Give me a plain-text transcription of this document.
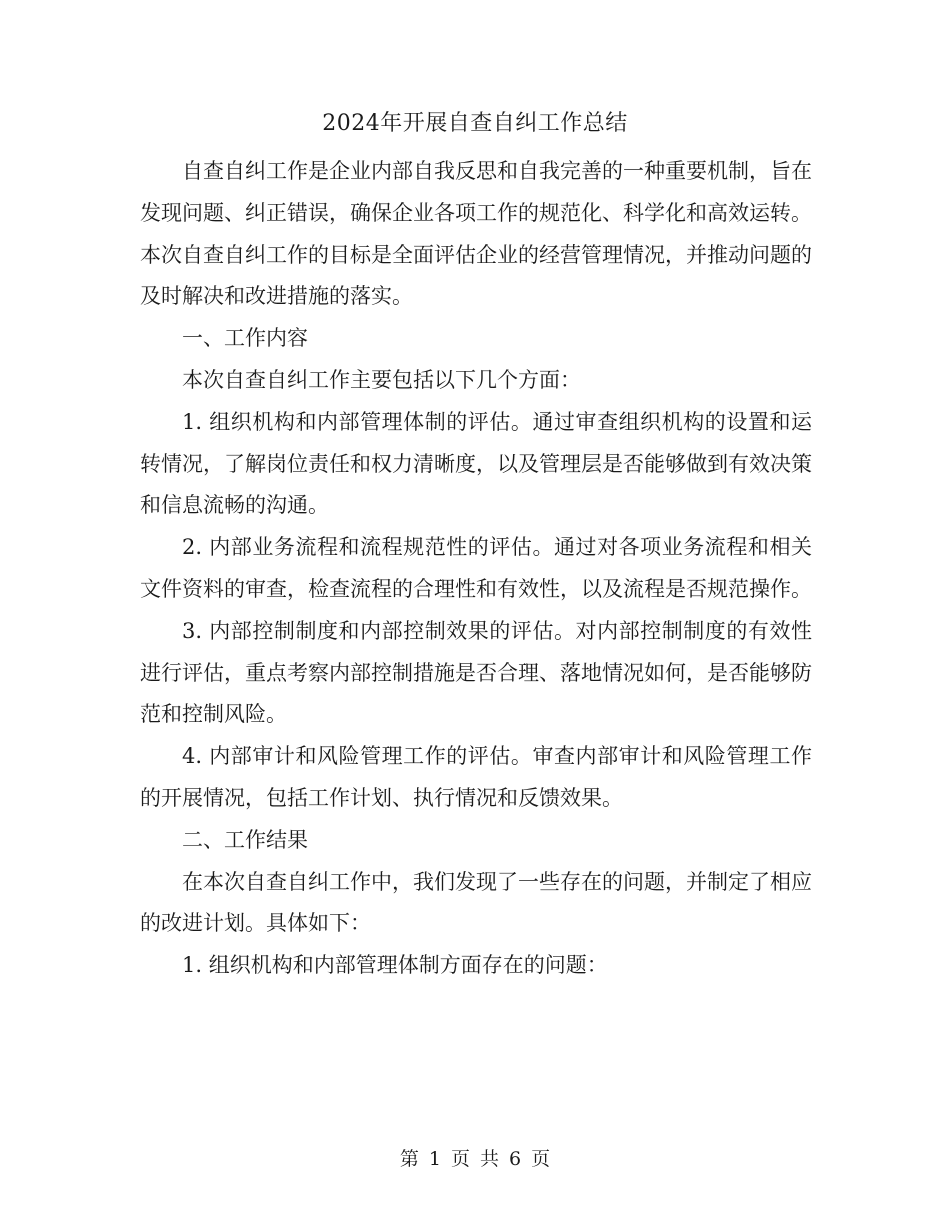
2024年开展自查自纠工作总结

自查自纠工作是企业内部自我反思和自我完善的一种重要机制，旨在发现问题、纠正错误，确保企业各项工作的规范化、科学化和高效运转。本次自查自纠工作的目标是全面评估企业的经营管理情况，并推动问题的及时解决和改进措施的落实。

一、工作内容

本次自查自纠工作主要包括以下几个方面：

1. 组织机构和内部管理体制的评估。通过审查组织机构的设置和运转情况，了解岗位责任和权力清晰度，以及管理层是否能够做到有效决策和信息流畅的沟通。

2. 内部业务流程和流程规范性的评估。通过对各项业务流程和相关文件资料的审查，检查流程的合理性和有效性，以及流程是否规范操作。

3. 内部控制制度和内部控制效果的评估。对内部控制制度的有效性进行评估，重点考察内部控制措施是否合理、落地情况如何，是否能够防范和控制风险。

4. 内部审计和风险管理工作的评估。审查内部审计和风险管理工作的开展情况，包括工作计划、执行情况和反馈效果。

二、工作结果

在本次自查自纠工作中，我们发现了一些存在的问题，并制定了相应的改进计划。具体如下：

1. 组织机构和内部管理体制方面存在的问题：

第 1 页 共 6 页
